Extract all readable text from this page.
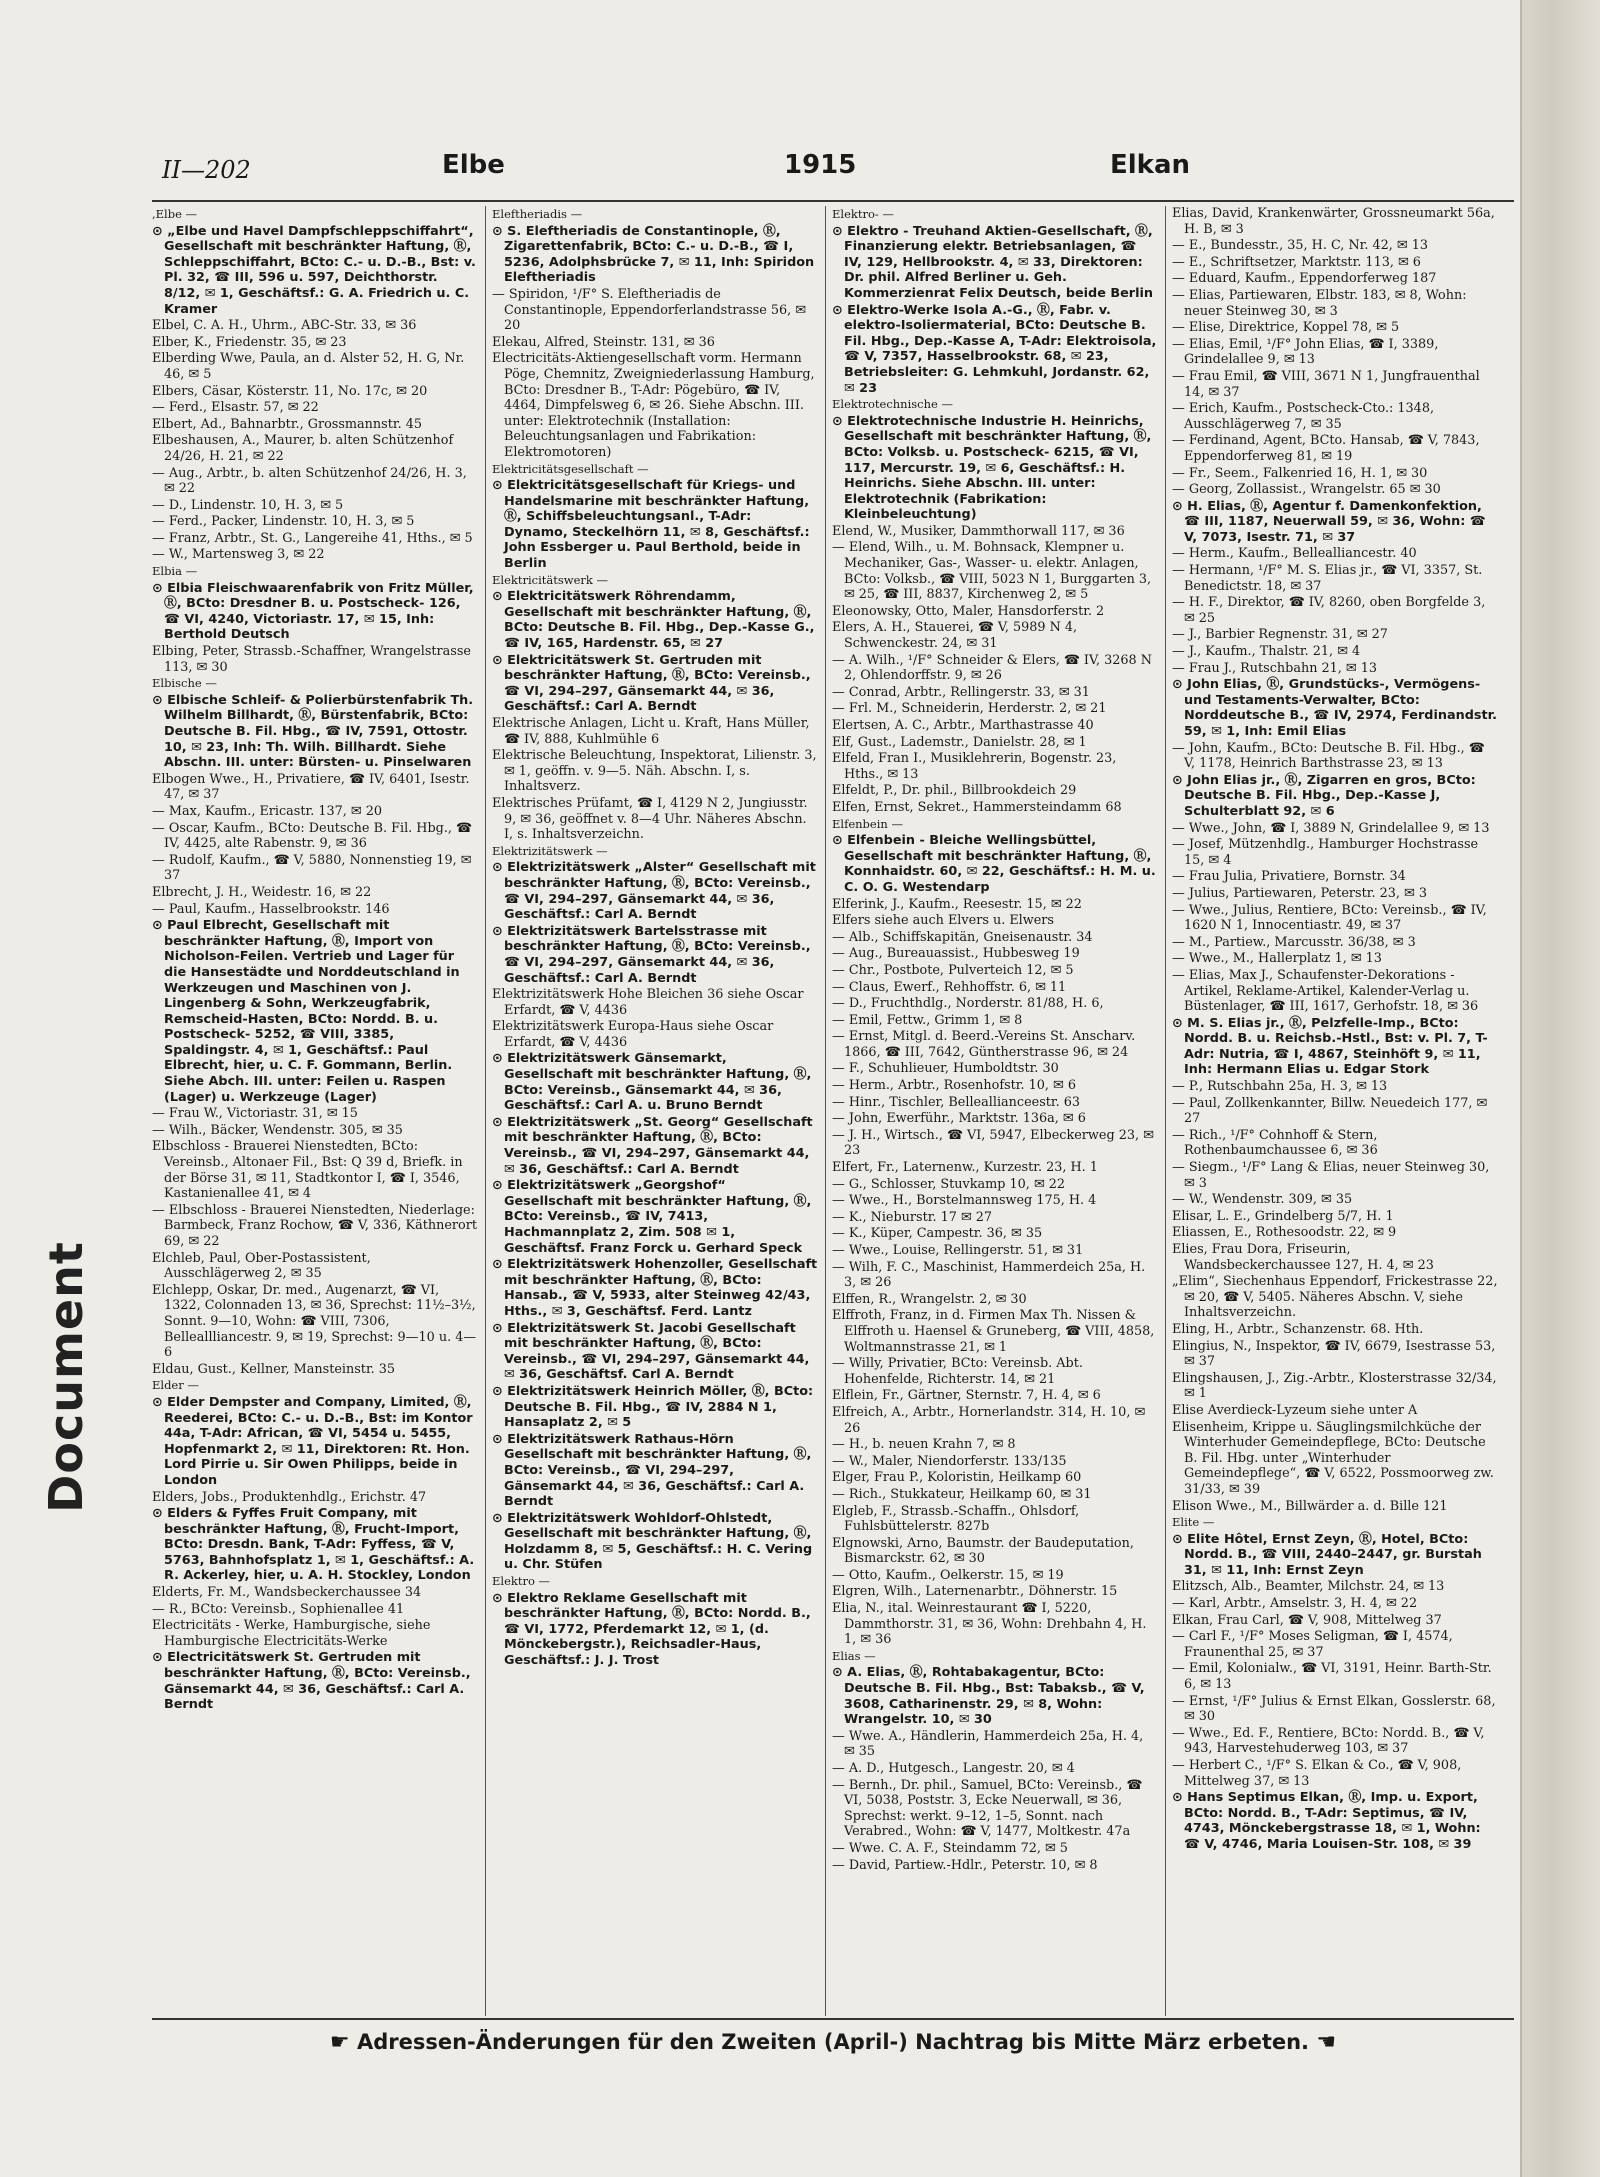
Document
II—202	Elbe	1915	Elkan
,Elbe —
⊙ „Elbe und Havel Dampfschleppschiffahrt“, Gesellschaft mit beschränkter Haftung, Ⓡ, Schleppschiffahrt, BCto: C.- u. D.-B., Bst: v. Pl. 32, ☎ III, 596 u. 597, Deichthorstr. 8/12, ✉ 1, Geschäftsf.: G. A. Friedrich u. C. Kramer
Elbel, C. A. H., Uhrm., ABC-Str. 33, ✉ 36
Elber, K., Friedenstr. 35, ✉ 23
Elberding Wwe, Paula, an d. Alster 52, H. G, Nr. 46, ✉ 5
Elbers, Cäsar, Kösterstr. 11, No. 17c, ✉ 20
— Ferd., Elsastr. 57, ✉ 22
Elbert, Ad., Bahnarbtr., Grossmannstr. 45
Elbeshausen, A., Maurer, b. alten Schützenhof 24/26, H. 21, ✉ 22
— Aug., Arbtr., b. alten Schützenhof 24/26, H. 3, ✉ 22
— D., Lindenstr. 10, H. 3, ✉ 5
— Ferd., Packer, Lindenstr. 10, H. 3, ✉ 5
— Franz, Arbtr., St. G., Langereihe 41, Hths., ✉ 5
— W., Martensweg 3, ✉ 22
Elbia —
⊙ Elbia Fleischwaarenfabrik von Fritz Müller, Ⓡ, BCto: Dresdner B. u. Postscheck- 126, ☎ VI, 4240, Victoriastr. 17, ✉ 15, Inh: Berthold Deutsch
Elbing, Peter, Strassb.-Schaffner, Wrangelstrasse 113, ✉ 30
Elbische —
⊙ Elbische Schleif- & Polierbürstenfabrik Th. Wilhelm Billhardt, Ⓡ, Bürstenfabrik, BCto: Deutsche B. Fil. Hbg., ☎ IV, 7591, Ottostr. 10, ✉ 23, Inh: Th. Wilh. Billhardt. Siehe Abschn. III. unter: Bürsten- u. Pinselwaren
Elbogen Wwe., H., Privatiere, ☎ IV, 6401, Isestr. 47, ✉ 37
— Max, Kaufm., Ericastr. 137, ✉ 20
— Oscar, Kaufm., BCto: Deutsche B. Fil. Hbg., ☎ IV, 4425, alte Rabenstr. 9, ✉ 36
— Rudolf, Kaufm., ☎ V, 5880, Nonnenstieg 19, ✉ 37
Elbrecht, J. H., Weidestr. 16, ✉ 22
— Paul, Kaufm., Hasselbrookstr. 146
⊙ Paul Elbrecht, Gesellschaft mit beschränkter Haftung, Ⓡ, Import von Nicholson-Feilen. Vertrieb und Lager für die Hansestädte und Norddeutschland in Werkzeugen und Maschinen von J. Lingenberg & Sohn, Werkzeugfabrik, Remscheid-Hasten, BCto: Nordd. B. u. Postscheck- 5252, ☎ VIII, 3385, Spaldingstr. 4, ✉ 1, Geschäftsf.: Paul Elbrecht, hier, u. C. F. Gommann, Berlin. Siehe Abch. III. unter: Feilen u. Raspen (Lager) u. Werkzeuge (Lager)
— Frau W., Victoriastr. 31, ✉ 15
— Wilh., Bäcker, Wendenstr. 305, ✉ 35
Elbschloss - Brauerei Nienstedten, BCto: Vereinsb., Altonaer Fil., Bst: Q 39 d, Briefk. in der Börse 31, ✉ 11, Stadtkontor I, ☎ I, 3546, Kastanienallee 41, ✉ 4
— Elbschloss - Brauerei Nienstedten, Niederlage: Barmbeck, Franz Rochow, ☎ V, 336, Käthnerort 69, ✉ 22
Elchleb, Paul, Ober-Postassistent, Ausschlägerweg 2, ✉ 35
Elchlepp, Oskar, Dr. med., Augenarzt, ☎ VI, 1322, Colonnaden 13, ✉ 36, Sprechst: 11½–3½, Sonnt. 9—10, Wohn: ☎ VIII, 7306, Belleallliancestr. 9, ✉ 19, Sprechst: 9—10 u. 4—6
Eldau, Gust., Kellner, Mansteinstr. 35
Elder —
⊙ Elder Dempster and Company, Limited, Ⓡ, Reederei, BCto: C.- u. D.-B., Bst: im Kontor 44a, T-Adr: African, ☎ VI, 5454 u. 5455, Hopfenmarkt 2, ✉ 11, Direktoren: Rt. Hon. Lord Pirrie u. Sir Owen Philipps, beide in London
Elders, Jobs., Produktenhdlg., Erichstr. 47
⊙ Elders & Fyffes Fruit Company, mit beschränkter Haftung, Ⓡ, Frucht-Import, BCto: Dresdn. Bank, T-Adr: Fyffess, ☎ V, 5763, Bahnhofsplatz 1, ✉ 1, Geschäftsf.: A. R. Ackerley, hier, u. A. H. Stockley, London
Elderts, Fr. M., Wandsbeckerchaussee 34
— R., BCto: Vereinsb., Sophienallee 41
Electricitäts - Werke, Hamburgische, siehe Hamburgische Electricitäts-Werke
⊙ Electricitätswerk St. Gertruden mit beschränkter Haftung, Ⓡ, BCto: Vereinsb., Gänsemarkt 44, ✉ 36, Geschäftsf.: Carl A. Berndt
Eleftheriadis —
⊙ S. Eleftheriadis de Constantinople, Ⓡ, Zigarettenfabrik, BCto: C.- u. D.-B., ☎ I, 5236, Adolphsbrücke 7, ✉ 11, Inh: Spiridon Eleftheriadis
— Spiridon, ¹/F° S. Eleftheriadis de Constantinople, Eppendorferlandstrasse 56, ✉ 20
Elekau, Alfred, Steinstr. 131, ✉ 36
Electricitäts-Aktiengesellschaft vorm. Hermann Pöge, Chemnitz, Zweigniederlassung Hamburg, BCto: Dresdner B., T-Adr: Pögebüro, ☎ IV, 4464, Dimpfelsweg 6, ✉ 26. Siehe Abschn. III. unter: Elektrotechnik (Installation: Beleuchtungsanlagen und Fabrikation: Elektromotoren)
Elektricitätsgesellschaft —
⊙ Elektricitätsgesellschaft für Kriegs- und Handelsmarine mit beschränkter Haftung, Ⓡ, Schiffsbeleuchtungsanl., T-Adr: Dynamo, Steckelhörn 11, ✉ 8, Geschäftsf.: John Essberger u. Paul Berthold, beide in Berlin
Elektricitätswerk —
⊙ Elektricitätswerk Röhrendamm, Gesellschaft mit beschränkter Haftung, Ⓡ, BCto: Deutsche B. Fil. Hbg., Dep.-Kasse G., ☎ IV, 165, Hardenstr. 65, ✉ 27
⊙ Elektricitätswerk St. Gertruden mit beschränkter Haftung, Ⓡ, BCto: Vereinsb., ☎ VI, 294–297, Gänsemarkt 44, ✉ 36, Geschäftsf.: Carl A. Berndt
Elektrische Anlagen, Licht u. Kraft, Hans Müller, ☎ IV, 888, Kuhlmühle 6
Elektrische Beleuchtung, Inspektorat, Lilienstr. 3, ✉ 1, geöffn. v. 9—5. Näh. Abschn. I, s. Inhaltsverz.
Elektrisches Prüfamt, ☎ I, 4129 N 2, Jungiusstr. 9, ✉ 36, geöffnet v. 8—4 Uhr. Näheres Abschn. I, s. Inhaltsverzeichn.
Elektrizitätswerk —
⊙ Elektrizitätswerk „Alster“ Gesellschaft mit beschränkter Haftung, Ⓡ, BCto: Vereinsb., ☎ VI, 294–297, Gänsemarkt 44, ✉ 36, Geschäftsf.: Carl A. Berndt
⊙ Elektrizitätswerk Bartelsstrasse mit beschränkter Haftung, Ⓡ, BCto: Vereinsb., ☎ VI, 294–297, Gänsemarkt 44, ✉ 36, Geschäftsf.: Carl A. Berndt
Elektrizitätswerk Hohe Bleichen 36 siehe Oscar Erfardt, ☎ V, 4436
Elektrizitätswerk Europa-Haus siehe Oscar Erfardt, ☎ V, 4436
⊙ Elektrizitätswerk Gänsemarkt, Gesellschaft mit beschränkter Haftung, Ⓡ, BCto: Vereinsb., Gänsemarkt 44, ✉ 36, Geschäftsf.: Carl A. u. Bruno Berndt
⊙ Elektrizitätswerk „St. Georg“ Gesellschaft mit beschränkter Haftung, Ⓡ, BCto: Vereinsb., ☎ VI, 294–297, Gänsemarkt 44, ✉ 36, Geschäftsf.: Carl A. Berndt
⊙ Elektrizitätswerk „Georgshof“ Gesellschaft mit beschränkter Haftung, Ⓡ, BCto: Vereinsb., ☎ IV, 7413, Hachmannplatz 2, Zim. 508 ✉ 1, Geschäftsf. Franz Forck u. Gerhard Speck
⊙ Elektrizitätswerk Hohenzoller, Gesellschaft mit beschränkter Haftung, Ⓡ, BCto: Hansab., ☎ V, 5933, alter Steinweg 42/43, Hths., ✉ 3, Geschäftsf. Ferd. Lantz
⊙ Elektrizitätswerk St. Jacobi Gesellschaft mit beschränkter Haftung, Ⓡ, BCto: Vereinsb., ☎ VI, 294–297, Gänsemarkt 44, ✉ 36, Geschäftsf. Carl A. Berndt
⊙ Elektrizitätswerk Heinrich Möller, Ⓡ, BCto: Deutsche B. Fil. Hbg., ☎ IV, 2884 N 1, Hansaplatz 2, ✉ 5
⊙ Elektrizitätswerk Rathaus-Hörn Gesellschaft mit beschränkter Haftung, Ⓡ, BCto: Vereinsb., ☎ VI, 294–297, Gänsemarkt 44, ✉ 36, Geschäftsf.: Carl A. Berndt
⊙ Elektrizitätswerk Wohldorf-Ohlstedt, Gesellschaft mit beschränkter Haftung, Ⓡ, Holzdamm 8, ✉ 5, Geschäftsf.: H. C. Vering u. Chr. Stüfen
Elektro —
⊙ Elektro Reklame Gesellschaft mit beschränkter Haftung, Ⓡ, BCto: Nordd. B., ☎ VI, 1772, Pferdemarkt 12, ✉ 1, (d. Mönckebergstr.), Reichsadler-Haus, Geschäftsf.: J. J. Trost
Elektro- —
⊙ Elektro - Treuhand Aktien-Gesellschaft, Ⓡ, Finanzierung elektr. Betriebsanlagen, ☎ IV, 129, Hellbrookstr. 4, ✉ 33, Direktoren: Dr. phil. Alfred Berliner u. Geh. Kommerzienrat Felix Deutsch, beide Berlin
⊙ Elektro-Werke Isola A.-G., Ⓡ, Fabr. v. elektro-Isoliermaterial, BCto: Deutsche B. Fil. Hbg., Dep.-Kasse A, T-Adr: Elektroisola, ☎ V, 7357, Hasselbrookstr. 68, ✉ 23, Betriebsleiter: G. Lehmkuhl, Jordanstr. 62, ✉ 23
Elektrotechnische —
⊙ Elektrotechnische Industrie H. Heinrichs, Gesellschaft mit beschränkter Haftung, Ⓡ, BCto: Volksb. u. Postscheck- 6215, ☎ VI, 117, Mercurstr. 19, ✉ 6, Geschäftsf.: H. Heinrichs. Siehe Abschn. III. unter: Elektrotechnik (Fabrikation: Kleinbeleuchtung)
Elend, W., Musiker, Dammthorwall 117, ✉ 36
— Elend, Wilh., u. M. Bohnsack, Klempner u. Mechaniker, Gas-, Wasser- u. elektr. Anlagen, BCto: Volksb., ☎ VIII, 5023 N 1, Burggarten 3, ✉ 25, ☎ III, 8837, Kirchenweg 2, ✉ 5
Eleonowsky, Otto, Maler, Hansdorferstr. 2
Elers, A. H., Stauerei, ☎ V, 5989 N 4, Schwenckestr. 24, ✉ 31
— A. Wilh., ¹/F° Schneider & Elers, ☎ IV, 3268 N 2, Ohlendorffstr. 9, ✉ 26
— Conrad, Arbtr., Rellingerstr. 33, ✉ 31
— Frl. M., Schneiderin, Herderstr. 2, ✉ 21
Elertsen, A. C., Arbtr., Marthastrasse 40
Elf, Gust., Lademstr., Danielstr. 28, ✉ 1
Elfeld, Fran I., Musiklehrerin, Bogenstr. 23, Hths., ✉ 13
Elfeldt, P., Dr. phil., Billbrookdeich 29
Elfen, Ernst, Sekret., Hammersteindamm 68
Elfenbein —
⊙ Elfenbein - Bleiche Wellingsbüttel, Gesellschaft mit beschränkter Haftung, Ⓡ, Konnhaidstr. 60, ✉ 22, Geschäftsf.: H. M. u. C. O. G. Westendarp
Elferink, J., Kaufm., Reesestr. 15, ✉ 22
Elfers siehe auch Elvers u. Elwers
— Alb., Schiffskapitän, Gneisenaustr. 34
— Aug., Bureauassist., Hubbesweg 19
— Chr., Postbote, Pulverteich 12, ✉ 5
— Claus, Ewerf., Rehhoffstr. 6, ✉ 11
— D., Fruchthdlg., Norderstr. 81/88, H. 6,
— Emil, Fettw., Grimm 1, ✉ 8
— Ernst, Mitgl. d. Beerd.-Vereins St. Anscharv. 1866, ☎ III, 7642, Güntherstrasse 96, ✉ 24
— F., Schuhlieuer, Humboldtstr. 30
— Herm., Arbtr., Rosenhofstr. 10, ✉ 6
— Hinr., Tischler, Belleallianceestr. 63
— John, Ewerführ., Marktstr. 136a, ✉ 6
— J. H., Wirtsch., ☎ VI, 5947, Elbeckerweg 23, ✉ 23
Elfert, Fr., Laternenw., Kurzestr. 23, H. 1
— G., Schlosser, Stuvkamp 10, ✉ 22
— Wwe., H., Borstelmannsweg 175, H. 4
— K., Nieburstr. 17 ✉ 27
— K., Küper, Campestr. 36, ✉ 35
— Wwe., Louise, Rellingerstr. 51, ✉ 31
— Wilh, F. C., Maschinist, Hammerdeich 25a, H. 3, ✉ 26
Elffen, R., Wrangelstr. 2, ✉ 30
Elffroth, Franz, in d. Firmen Max Th. Nissen & Elffroth u. Haensel & Gruneberg, ☎ VIII, 4858, Woltmannstrasse 21, ✉ 1
— Willy, Privatier, BCto: Vereinsb. Abt. Hohenfelde, Richterstr. 14, ✉ 21
Elflein, Fr., Gärtner, Sternstr. 7, H. 4, ✉ 6
Elfreich, A., Arbtr., Hornerlandstr. 314, H. 10, ✉ 26
— H., b. neuen Krahn 7, ✉ 8
— W., Maler, Niendorferstr. 133/135
Elger, Frau P., Koloristin, Heilkamp 60
— Rich., Stukkateur, Heilkamp 60, ✉ 31
Elgleb, F., Strassb.-Schaffn., Ohlsdorf, Fuhlsbüttelerstr. 827b
Elgnowski, Arno, Baumstr. der Baudeputation, Bismarckstr. 62, ✉ 30
— Otto, Kaufm., Oelkerstr. 15, ✉ 19
Elgren, Wilh., Laternenarbtr., Döhnerstr. 15
Elia, N., ital. Weinrestaurant ☎ I, 5220, Dammthorstr. 31, ✉ 36, Wohn: Drehbahn 4, H. 1, ✉ 36
Elias —
⊙ A. Elias, Ⓡ, Rohtabakagentur, BCto: Deutsche B. Fil. Hbg., Bst: Tabaksb., ☎ V, 3608, Catharinenstr. 29, ✉ 8, Wohn: Wrangelstr. 10, ✉ 30
— Wwe. A., Händlerin, Hammerdeich 25a, H. 4, ✉ 35
— A. D., Hutgesch., Langestr. 20, ✉ 4
— Bernh., Dr. phil., Samuel, BCto: Vereinsb., ☎ VI, 5038, Poststr. 3, Ecke Neuerwall, ✉ 36, Sprechst: werkt. 9–12, 1–5, Sonnt. nach Verabred., Wohn: ☎ V, 1477, Moltkestr. 47a
— Wwe. C. A. F., Steindamm 72, ✉ 5
— David, Partiew.-Hdlr., Peterstr. 10, ✉ 8
Elias, David, Krankenwärter, Grossneumarkt 56a, H. B, ✉ 3
— E., Bundesstr., 35, H. C, Nr. 42, ✉ 13
— E., Schriftsetzer, Marktstr. 113, ✉ 6
— Eduard, Kaufm., Eppendorferweg 187
— Elias, Partiewaren, Elbstr. 183, ✉ 8, Wohn: neuer Steinweg 30, ✉ 3
— Elise, Direktrice, Koppel 78, ✉ 5
— Elias, Emil, ¹/F° John Elias, ☎ I, 3389, Grindelallee 9, ✉ 13
— Frau Emil, ☎ VIII, 3671 N 1, Jungfrauenthal 14, ✉ 37
— Erich, Kaufm., Postscheck-Cto.: 1348, Ausschlägerweg 7, ✉ 35
— Ferdinand, Agent, BCto. Hansab, ☎ V, 7843, Eppendorferweg 81, ✉ 19
— Fr., Seem., Falkenried 16, H. 1, ✉ 30
— Georg, Zollassist., Wrangelstr. 65 ✉ 30
⊙ H. Elias, Ⓡ, Agentur f. Damenkonfektion, ☎ III, 1187, Neuerwall 59, ✉ 36, Wohn: ☎ V, 7073, Isestr. 71, ✉ 37
— Herm., Kaufm., Bellealliancestr. 40
— Hermann, ¹/F° M. S. Elias jr., ☎ VI, 3357, St. Benedictstr. 18, ✉ 37
— H. F., Direktor, ☎ IV, 8260, oben Borgfelde 3, ✉ 25
— J., Barbier Regnenstr. 31, ✉ 27
— J., Kaufm., Thalstr. 21, ✉ 4
— Frau J., Rutschbahn 21, ✉ 13
⊙ John Elias, Ⓡ, Grundstücks-, Vermögens- und Testaments-Verwalter, BCto: Norddeutsche B., ☎ IV, 2974, Ferdinandstr. 59, ✉ 1, Inh: Emil Elias
— John, Kaufm., BCto: Deutsche B. Fil. Hbg., ☎ V, 1178, Heinrich Barthstrasse 23, ✉ 13
⊙ John Elias jr., Ⓡ, Zigarren en gros, BCto: Deutsche B. Fil. Hbg., Dep.-Kasse J, Schulterblatt 92, ✉ 6
— Wwe., John, ☎ I, 3889 N, Grindelallee 9, ✉ 13
— Josef, Mützenhdlg., Hamburger Hochstrasse 15, ✉ 4
— Frau Julia, Privatiere, Bornstr. 34
— Julius, Partiewaren, Peterstr. 23, ✉ 3
— Wwe., Julius, Rentiere, BCto: Vereinsb., ☎ IV, 1620 N 1, Innocentiastr. 49, ✉ 37
— M., Partiew., Marcusstr. 36/38, ✉ 3
— Wwe., M., Hallerplatz 1, ✉ 13
— Elias, Max J., Schaufenster-Dekorations - Artikel, Reklame-Artikel, Kalender-Verlag u. Büstenlager, ☎ III, 1617, Gerhofstr. 18, ✉ 36
⊙ M. S. Elias jr., Ⓡ, Pelzfelle-Imp., BCto: Nordd. B. u. Reichsb.-Hstl., Bst: v. Pl. 7, T-Adr: Nutria, ☎ I, 4867, Steinhöft 9, ✉ 11, Inh: Hermann Elias u. Edgar Stork
— P., Rutschbahn 25a, H. 3, ✉ 13
— Paul, Zollkenkannter, Billw. Neuedeich 177, ✉ 27
— Rich., ¹/F° Cohnhoff & Stern, Rothenbaumchaussee 6, ✉ 36
— Siegm., ¹/F° Lang & Elias, neuer Steinweg 30, ✉ 3
— W., Wendenstr. 309, ✉ 35
Elisar, L. E., Grindelberg 5/7, H. 1
Eliassen, E., Rothesoodstr. 22, ✉ 9
Elies, Frau Dora, Friseurin, Wandsbeckerchaussee 127, H. 4, ✉ 23
„Elim“, Siechenhaus Eppendorf, Frickestrasse 22, ✉ 20, ☎ V, 5405. Näheres Abschn. V, siehe Inhaltsverzeichn.
Eling, H., Arbtr., Schanzenstr. 68. Hth.
Elingius, N., Inspektor, ☎ IV, 6679, Isestrasse 53, ✉ 37
Elingshausen, J., Zig.-Arbtr., Klosterstrasse 32/34, ✉ 1
Elise Averdieck-Lyzeum siehe unter A
Elisenheim, Krippe u. Säuglingsmilchküche der Winterhuder Gemeindepflege, BCto: Deutsche B. Fil. Hbg. unter „Winterhuder Gemeindepflege“, ☎ V, 6522, Possmoorweg zw. 31/33, ✉ 39
Elison Wwe., M., Billwärder a. d. Bille 121
Elite —
⊙ Elite Hôtel, Ernst Zeyn, Ⓡ, Hotel, BCto: Nordd. B., ☎ VIII, 2440–2447, gr. Burstah 31, ✉ 11, Inh: Ernst Zeyn
Elitzsch, Alb., Beamter, Milchstr. 24, ✉ 13
— Karl, Arbtr., Amselstr. 3, H. 4, ✉ 22
Elkan, Frau Carl, ☎ V, 908, Mittelweg 37
— Carl F., ¹/F° Moses Seligman, ☎ I, 4574, Fraunenthal 25, ✉ 37
— Emil, Kolonialw., ☎ VI, 3191, Heinr. Barth-Str. 6, ✉ 13
— Ernst, ¹/F° Julius & Ernst Elkan, Gosslerstr. 68, ✉ 30
— Wwe., Ed. F., Rentiere, BCto: Nordd. B., ☎ V, 943, Harvestehuderweg 103, ✉ 37
— Herbert C., ¹/F° S. Elkan & Co., ☎ V, 908, Mittelweg 37, ✉ 13
⊙ Hans Septimus Elkan, Ⓡ, Imp. u. Export, BCto: Nordd. B., T-Adr: Septimus, ☎ IV, 4743, Mönckebergstrasse 18, ✉ 1, Wohn: ☎ V, 4746, Maria Louisen-Str. 108, ✉ 39
☛ Adressen-Änderungen für den Zweiten (April-) Nachtrag bis Mitte März erbeten. ☚
